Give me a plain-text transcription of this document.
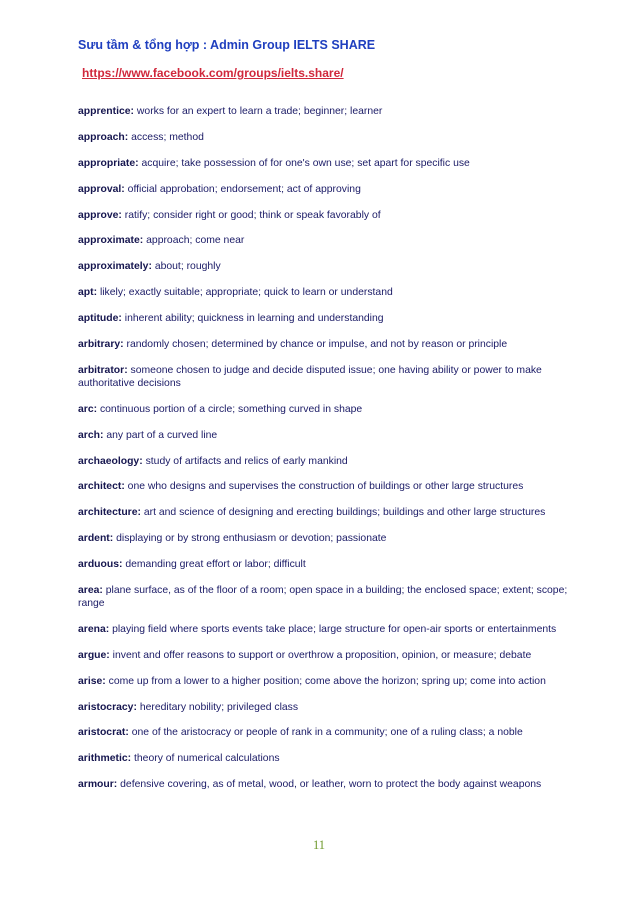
Sưu tầm & tổng hợp : Admin Group IELTS SHARE
https://www.facebook.com/groups/ielts.share/
apprentice: works for an expert to learn a trade; beginner; learner
approach: access; method
appropriate: acquire; take possession of for one's own use; set apart for specific use
approval: official approbation; endorsement; act of approving
approve: ratify; consider right or good; think or speak favorably of
approximate: approach; come near
approximately: about; roughly
apt: likely; exactly suitable; appropriate; quick to learn or understand
aptitude: inherent ability; quickness in learning and understanding
arbitrary: randomly chosen; determined by chance or impulse, and not by reason or principle
arbitrator: someone chosen to judge and decide disputed issue; one having ability or power to make authoritative decisions
arc: continuous portion of a circle; something curved in shape
arch: any part of a curved line
archaeology: study of artifacts and relics of early mankind
architect: one who designs and supervises the construction of buildings or other large structures
architecture: art and science of designing and erecting buildings; buildings and other large structures
ardent: displaying or by strong enthusiasm or devotion; passionate
arduous: demanding great effort or labor; difficult
area: plane surface, as of the floor of a room; open space in a building; the enclosed space; extent; scope; range
arena: playing field where sports events take place; large structure for open-air sports or entertainments
argue: invent and offer reasons to support or overthrow a proposition, opinion, or measure; debate
arise: come up from a lower to a higher position; come above the horizon; spring up; come into action
aristocracy: hereditary nobility; privileged class
aristocrat: one of the aristocracy or people of rank in a community; one of a ruling class; a noble
arithmetic: theory of numerical calculations
armour: defensive covering, as of metal, wood, or leather, worn to protect the body against weapons
11
